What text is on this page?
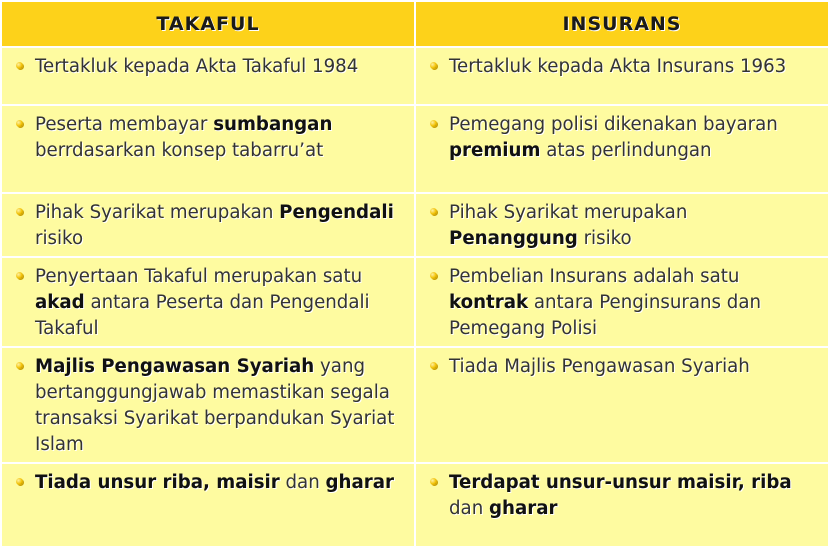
TAKAFUL	INSURANS

Tertakluk kepada Akta Takaful 1984	Tertakluk kepada Akta Insurans 1963

Peserta membayar sumbangan berrdasarkan konsep tabarru’at	Pemegang polisi dikenakan bayaran premium atas perlindungan

Pihak Syarikat merupakan Pengendali risiko	Pihak Syarikat merupakan Penanggung risiko

Penyertaan Takaful merupakan satu akad antara Peserta dan Pengendali Takaful	Pembelian Insurans adalah satu kontrak antara Penginsurans dan Pemegang Polisi

Majlis Pengawasan Syariah yang bertanggungjawab memastikan segala transaksi Syarikat berpandukan Syariat Islam	Tiada Majlis Pengawasan Syariah

Tiada unsur riba, maisir dan gharar	Terdapat unsur-unsur maisir, riba dan gharar
